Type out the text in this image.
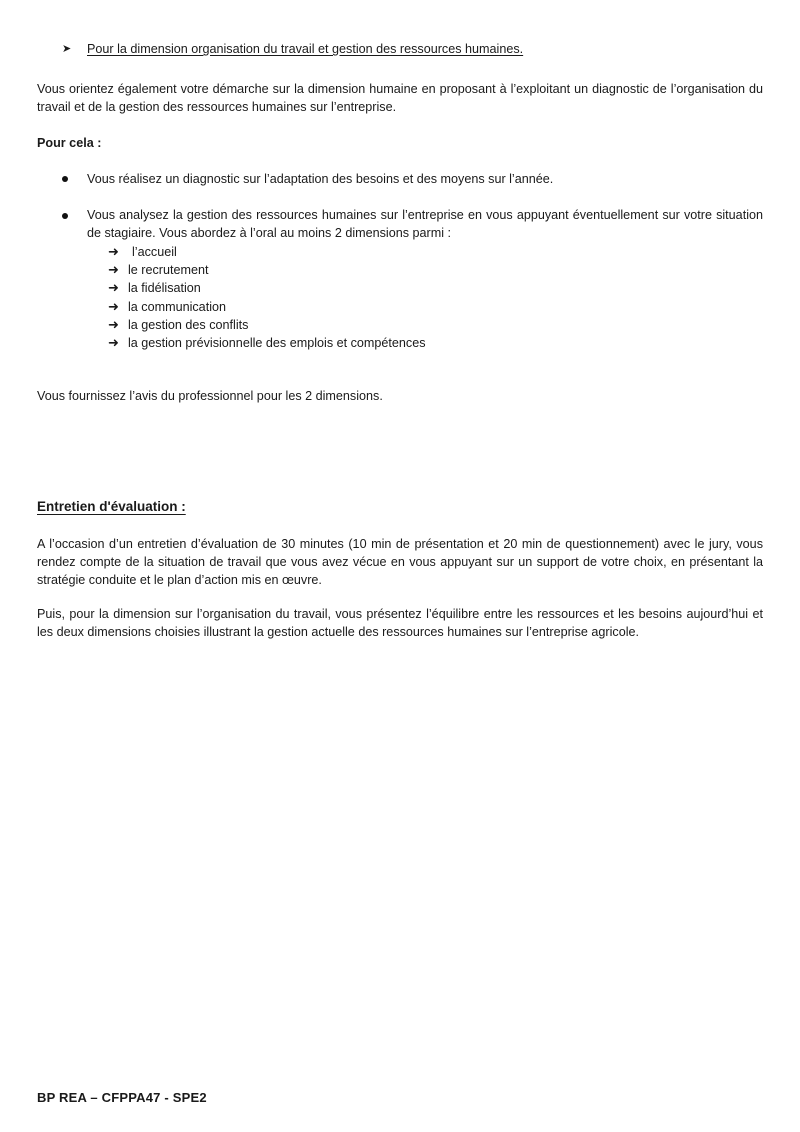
➤ Pour la dimension organisation du travail et gestion des ressources humaines.
Vous orientez également votre démarche sur la dimension humaine en proposant à l’exploitant un diagnostic de l’organisation du travail et de la gestion des ressources humaines sur l’entreprise.
Pour cela :
Vous réalisez un diagnostic sur l’adaptation des besoins et des moyens sur l’année.
Vous analysez la gestion des ressources humaines sur l’entreprise en vous appuyant éventuellement sur votre situation de stagiaire. Vous abordez à l’oral au moins 2 dimensions parmi :
➜	l’accueil
➜ le recrutement
➜ la fidélisation
➜ la communication
➜ la gestion des conflits
➜ la gestion prévisionnelle des emplois et compétences
Vous fournissez l’avis du professionnel pour les 2 dimensions.
Entretien d'évaluation :
A l’occasion d’un entretien d’évaluation de 30 minutes (10 min de présentation et 20 min de questionnement) avec le jury, vous rendez compte de la situation de travail que vous avez vécue en vous appuyant sur un support de votre choix, en présentant la stratégie conduite et le plan d’action mis en œuvre.
Puis, pour la dimension sur l’organisation du travail, vous présentez l’équilibre entre les ressources et les besoins aujourd’hui et les deux dimensions choisies illustrant la gestion actuelle des ressources humaines sur l’entreprise agricole.
BP REA – CFPPA47 - SPE2
